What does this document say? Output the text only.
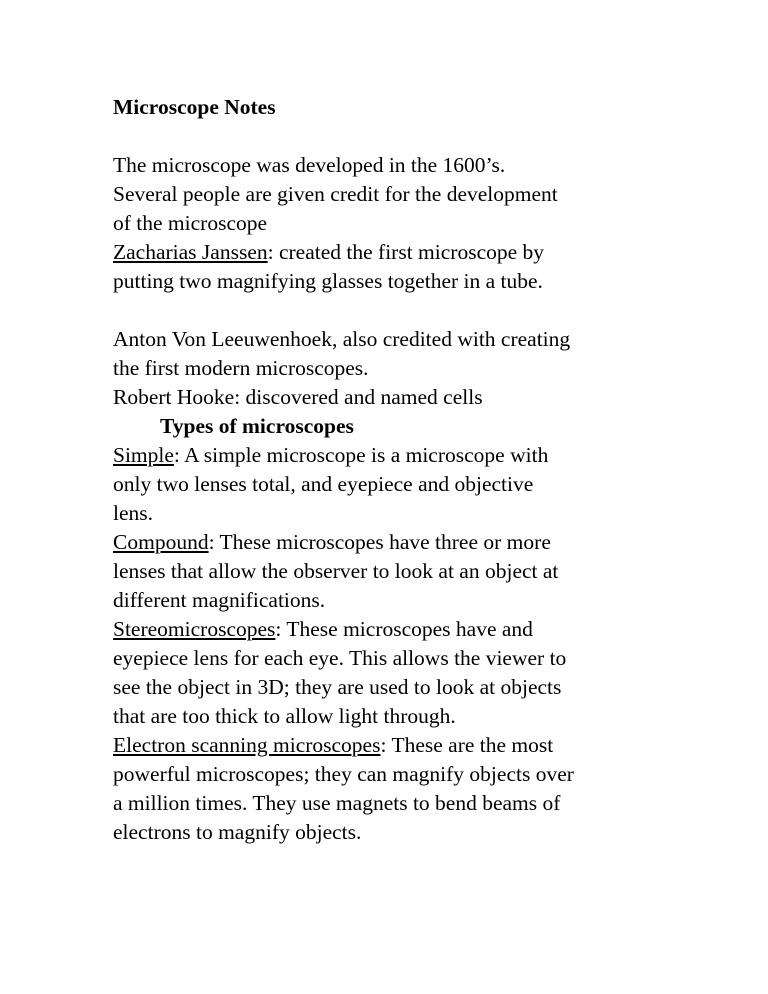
Microscope Notes
The microscope was developed in the 1600’s.
Several people are given credit for the development
of the microscope
Zacharias Janssen: created the first microscope by
putting two magnifying glasses together in a tube.
Anton Von Leeuwenhoek, also credited with creating
the first modern microscopes.
Robert Hooke: discovered and named cells
Types of microscopes
Simple: A simple microscope is a microscope with
only two lenses total, and eyepiece and objective
lens.
Compound: These microscopes have three or more
lenses that allow the observer to look at an object at
different magnifications.
Stereomicroscopes: These microscopes have and
eyepiece lens for each eye. This allows the viewer to
see the object in 3D; they are used to look at objects
that are too thick to allow light through.
Electron scanning microscopes: These are the most
powerful microscopes; they can magnify objects over
a million times. They use magnets to bend beams of
electrons to magnify objects.
